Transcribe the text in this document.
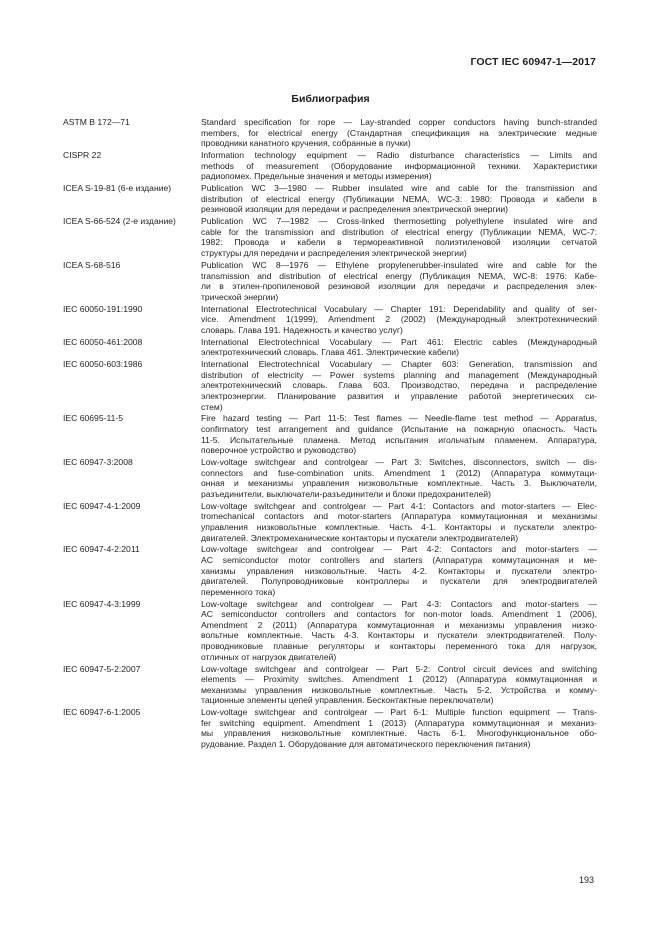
ГОСТ IEC 60947-1—2017
Библиография
ASTM B 172—71	Standard specification for rope — Lay-stranded copper conductors having bunch-stranded
members, for electrical energy (Стандартная спецификация на электрические медные
проводники канатного кручения, собранные в пучки)
CISPR 22	Information technology equipment — Radio disturbance characteristics — Limits and
methods of measurement (Оборудование информационной техники. Характеристики
радиопомех. Предельные значения и методы измерения)
ICEA S-19-81 (6-е издание)	Publication WC 3—1980 — Rubber insulated wire and cable for the transmission and
distribution of electrical energy (Публикации NEMA, WC-3: 1980: Провода и кабели в
резиновой изоляции для передачи и распределения электрической энергии)
ICEA S-66-524 (2-е издание)	Publication WC 7—1982 — Cross-linked thermosetting polyethylene insulated wire and
cable for the transmission and distribution of electrical energy (Публикации NEMA, WC-7:
1982: Провода и кабели в термореактивной полиэтиленовой изоляции сетчатой
структуры для передачи и распределения электрической энергии)
ICEA S-68-516	Publication WC 8—1976 — Ethylene propylenerubber-insulated wire and cable for the
transmission and distribution of electrical energy (Публикация NEMA, WC-8: 1976: Кабе-
ли в этилен-пропиленовой резиновой изоляции для передачи и распределения элек-
трической энергии)
IEC 60050-191:1990	International Electrotechnical Vocabulary — Chapter 191: Dependability and quality of ser-
vice. Amendment 1(1999), Amendment 2 (2002) (Международный электротехнический
словарь. Глава 191. Надежность и качество услуг)
IEC 60050-461:2008	International Electrotechnical Vocabulary — Part 461: Electric cables (Международный
электротехнический словарь. Глава 461. Электрические кабели)
IEC 60050-603:1986	International Electrotechnical Vocabulary — Chapter 603: Generation, transmission and
distribution of electricity — Power systems planning and management (Международный
электротехнический словарь. Глава 603. Производство, передача и распределение
электроэнергии. Планирование развития и управление работой энергетических си-
стем)
IEC 60695-11-5	Fire hazard testing — Part 11-5: Test flames — Needle-flame test method — Apparatus,
confirmatory test arrangement and guidance (Испытание на пожарную опасность. Часть
11-5. Испытательные пламена. Метод испытания игольчатым пламенем. Аппаратура,
поверочное устройство и руководство)
IEC 60947-3:2008	Low-voltage switchgear and controlgear — Part 3: Switches, disconnectors, switch — dis-
connectors and fuse-combination units. Amendment 1 (2012) (Аппаратура коммутаци-
онная и механизмы управления низковольтные комплектные. Часть 3. Выключатели,
разъединители, выключатели-разъединители и блоки предохранителей)
IEC 60947-4-1:2009	Low-voltage switchgear and controlgear — Part 4-1: Contactors and motor-starters — Elec-
tromechanical contactors and motor-starters (Аппаратура коммутационная и механизмы
управления низковольтные комплектные. Часть 4-1. Контакторы и пускатели электро-
двигателей. Электромеханические контакторы и пускатели электродвигателей)
IEC 60947-4-2:2011	Low-voltage switchgear and controlgear — Part 4-2: Contactors and motor-starters —
AC semiconductor motor controllers and starters (Аппаратура коммутационная и ме-
ханизмы управления низковольтные. Часть 4-2. Контакторы и пускатели электро-
двигателей. Полупроводниковые контроллеры и пускатели для электродвигателей
переменного тока)
IEC 60947-4-3:1999	Low-voltage switchgear and controlgear — Part 4-3: Contactors and motor-starters —
AC semiconductor controllers and contactors for non-motor loads. Amendment 1 (2006),
Amendment 2 (2011) (Аппаратура коммутационная и механизмы управления низко-
вольтные комплектные. Часть 4-3. Контакторы и пускатели электродвигателей. Полу-
проводниковые плавные регуляторы и контакторы переменного тока для нагрузок,
отличных от нагрузок двигателей)
IEC 60947-5-2:2007	Low-voltage switchgear and controlgear — Part 5-2: Control circuit devices and switching
elements — Proximity switches. Amendment 1 (2012) (Аппаратура коммутационная и
механизмы управления низковольтные комплектные. Часть 5-2. Устройства и комму-
тационные элементы цепей управления. Бесконтактные переключатели)
IEC 60947-6-1:2005	Low-voltage switchgear and controlgear — Part 6-1: Multiple function equipment — Trans-
fer switching equipment. Amendment 1 (2013) (Аппаратура коммутационная и механиз-
мы управления низковольтные комплектные. Часть 6-1. Многофункциональное обо-
рудование. Раздел 1. Оборудование для автоматического переключения питания)
193
